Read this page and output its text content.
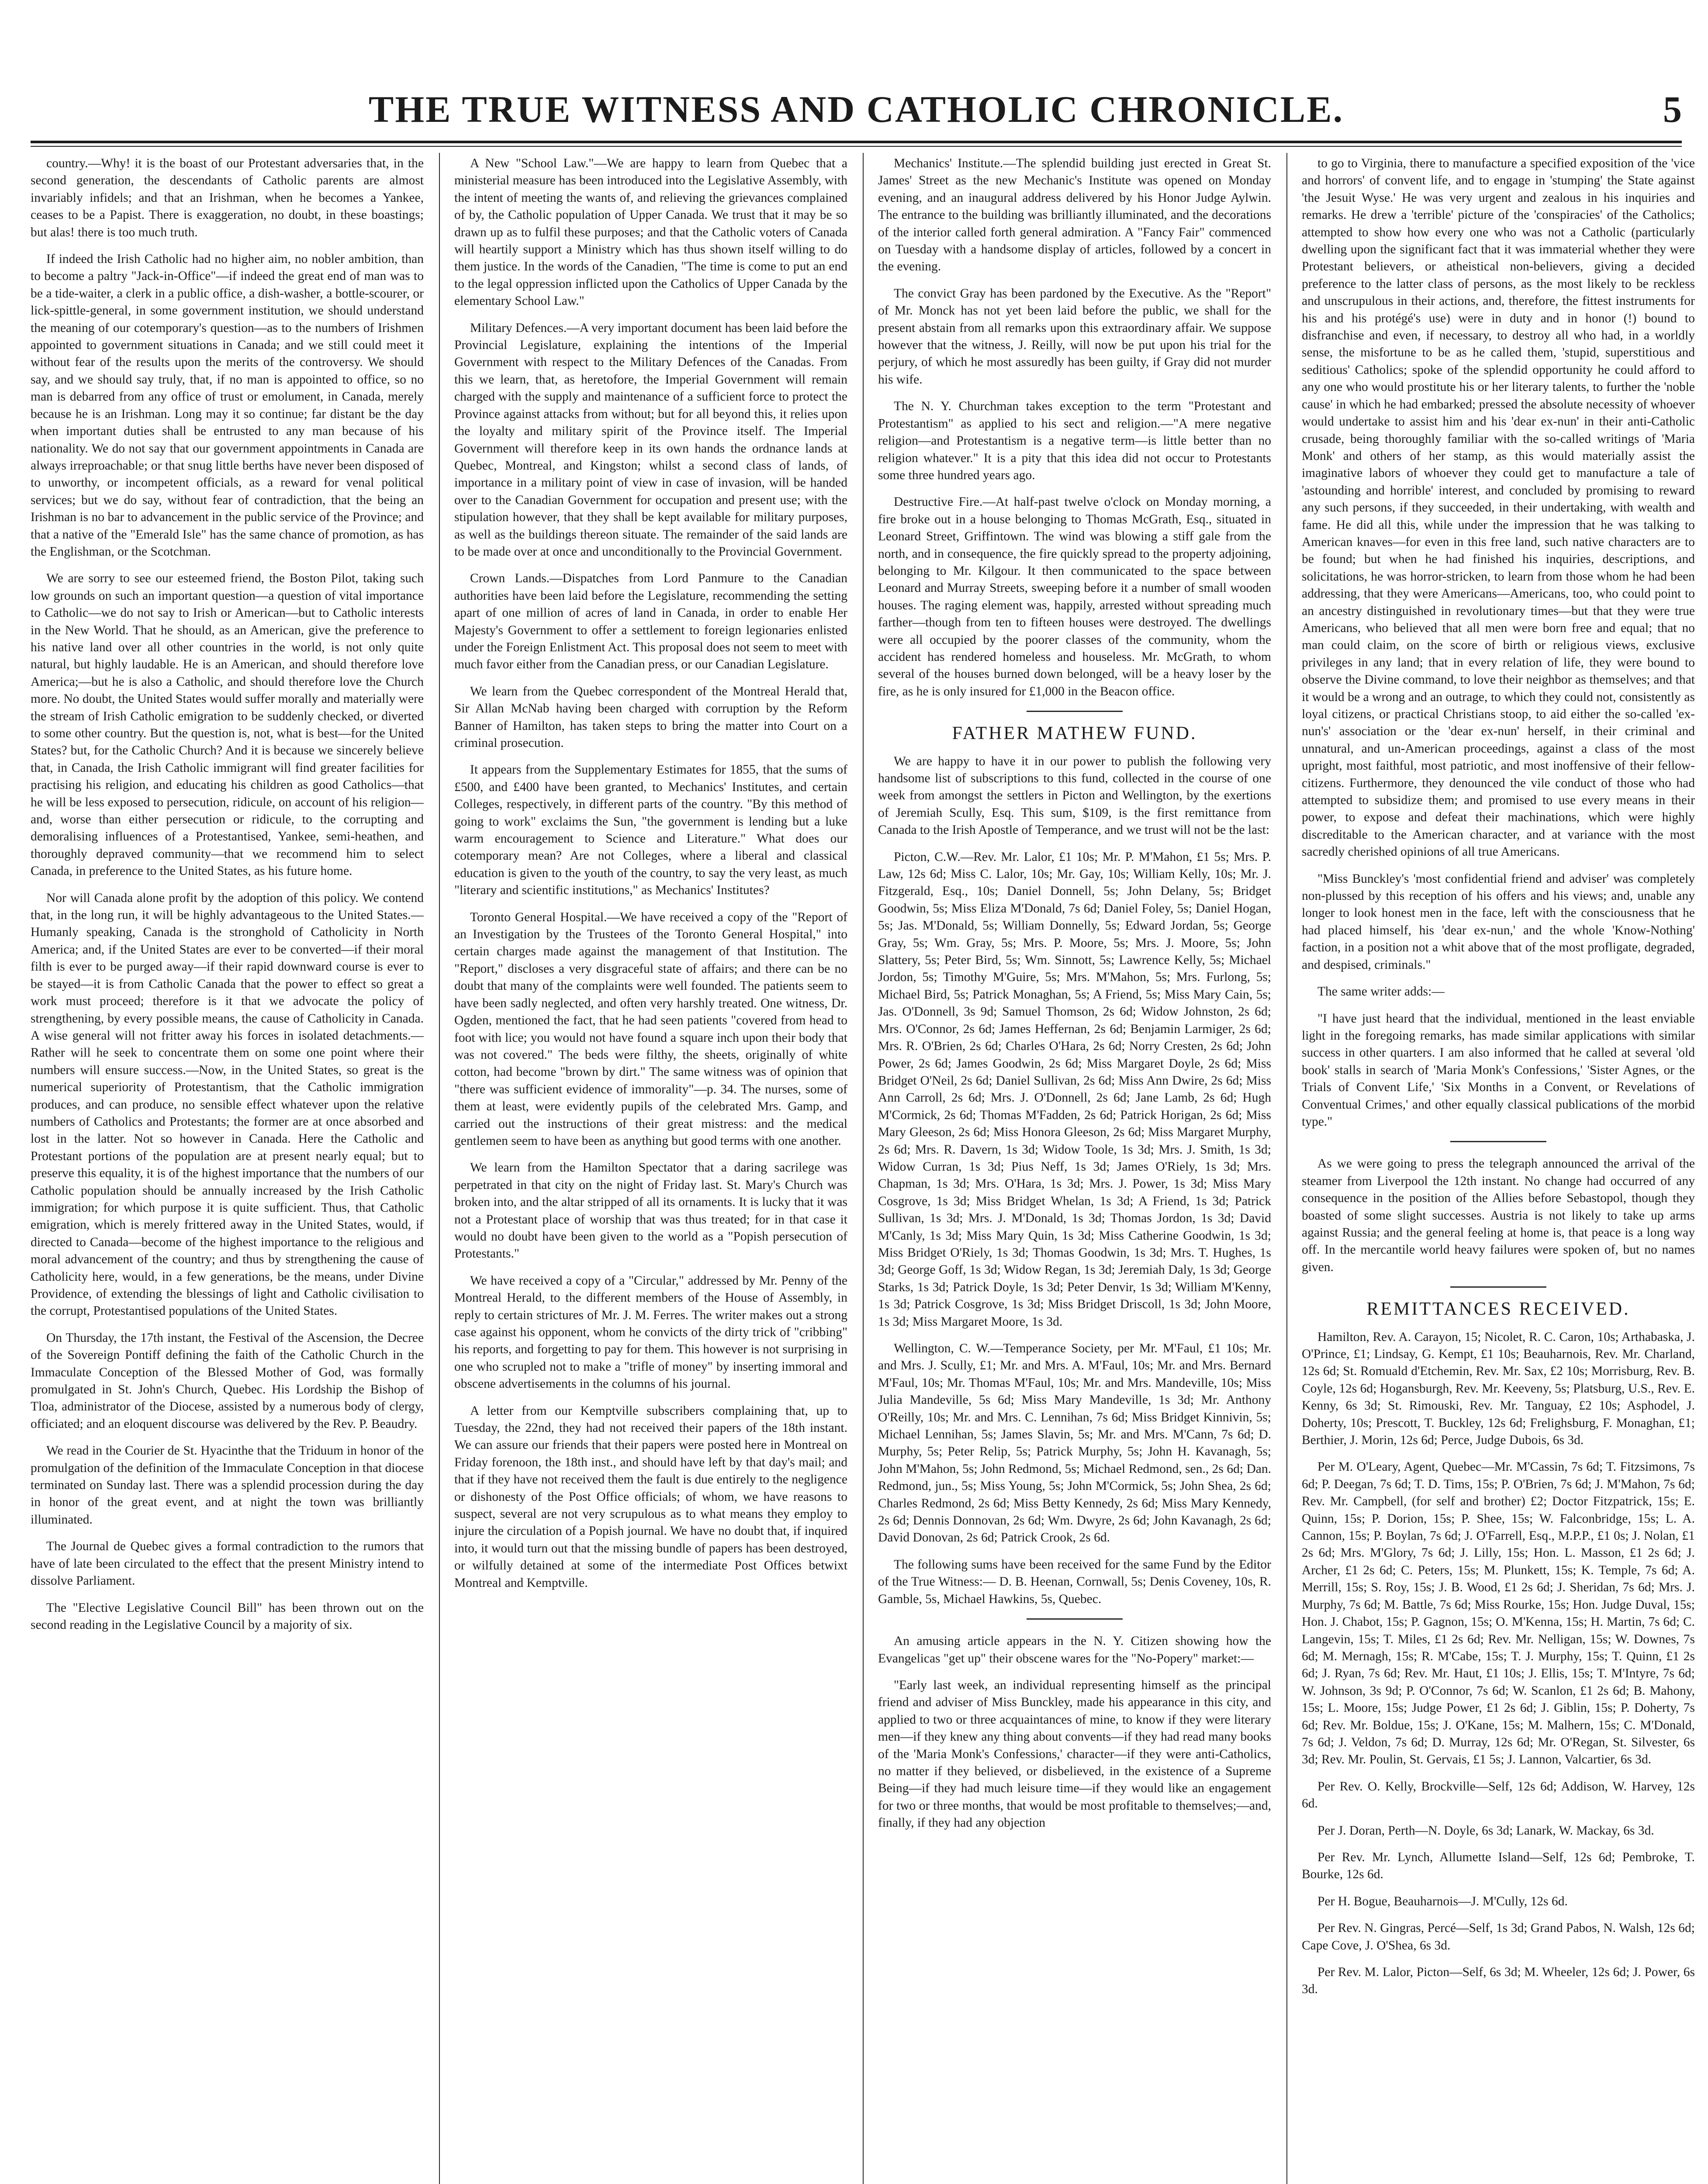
THE TRUE WITNESS AND CATHOLIC CHRONICLE.	5

country.—Why! it is the boast of our Protestant adversaries that, in the second generation, the descendants of Catholic parents are almost invariably infidels; and that an Irishman, when he becomes a Yankee, ceases to be a Papist. There is exaggeration, no doubt, in these boastings; but alas! there is too much truth.

If indeed the Irish Catholic had no higher aim, no nobler ambition, than to become a paltry "Jack-in-Office"—if indeed the great end of man was to be a tide-waiter, a clerk in a public office, a dish-washer, a bottle-scourer, or lick-spittle-general, in some government institution, we should understand the meaning of our cotemporary's question—as to the numbers of Irishmen appointed to government situations in Canada; and we still could meet it without fear of the results upon the merits of the controversy. We should say, and we should say truly, that, if no man is appointed to office, so no man is debarred from any office of trust or emolument, in Canada, merely because he is an Irishman. Long may it so continue; far distant be the day when important duties shall be entrusted to any man because of his nationality. We do not say that our government appointments in Canada are always irreproachable; or that snug little berths have never been disposed of to unworthy, or incompetent officials, as a reward for venal political services; but we do say, without fear of contradiction, that the being an Irishman is no bar to advancement in the public service of the Province; and that a native of the "Emerald Isle" has the same chance of promotion, as has the Englishman, or the Scotchman.

We are sorry to see our esteemed friend, the Boston Pilot, taking such low grounds on such an important question—a question of vital importance to Catholic—we do not say to Irish or American—but to Catholic interests in the New World. That he should, as an American, give the preference to his native land over all other countries in the world, is not only quite natural, but highly laudable. He is an American, and should therefore love America;—but he is also a Catholic, and should therefore love the Church more. No doubt, the United States would suffer morally and materially were the stream of Irish Catholic emigration to be suddenly checked, or diverted to some other country. But the question is, not, what is best—for the United States? but, for the Catholic Church? And it is because we sincerely believe that, in Canada, the Irish Catholic immigrant will find greater facilities for practising his religion, and educating his children as good Catholics—that he will be less exposed to persecution, ridicule, on account of his religion—and, worse than either persecution or ridicule, to the corrupting and demoralising influences of a Protestantised, Yankee, semi-heathen, and thoroughly depraved community—that we recommend him to select Canada, in preference to the United States, as his future home.

Nor will Canada alone profit by the adoption of this policy. We contend that, in the long run, it will be highly advantageous to the United States.—Humanly speaking, Canada is the stronghold of Catholicity in North America; and, if the United States are ever to be converted—if their moral filth is ever to be purged away—if their rapid downward course is ever to be stayed—it is from Catholic Canada that the power to effect so great a work must proceed; therefore is it that we advocate the policy of strengthening, by every possible means, the cause of Catholicity in Canada. A wise general will not fritter away his forces in isolated detachments.—Rather will he seek to concentrate them on some one point where their numbers will ensure success.—Now, in the United States, so great is the numerical superiority of Protestantism, that the Catholic immigration produces, and can produce, no sensible effect whatever upon the relative numbers of Catholics and Protestants; the former are at once absorbed and lost in the latter. Not so however in Canada. Here the Catholic and Protestant portions of the population are at present nearly equal; but to preserve this equality, it is of the highest importance that the numbers of our Catholic population should be annually increased by the Irish Catholic immigration; for which purpose it is quite sufficient. Thus, that Catholic emigration, which is merely frittered away in the United States, would, if directed to Canada—become of the highest importance to the religious and moral advancement of the country; and thus by strengthening the cause of Catholicity here, would, in a few generations, be the means, under Divine Providence, of extending the blessings of light and Catholic civilisation to the corrupt, Protestantised populations of the United States.

On Thursday, the 17th instant, the Festival of the Ascension, the Decree of the Sovereign Pontiff defining the faith of the Catholic Church in the Immaculate Conception of the Blessed Mother of God, was formally promulgated in St. John's Church, Quebec. His Lordship the Bishop of Tloa, administrator of the Diocese, assisted by a numerous body of clergy, officiated; and an eloquent discourse was delivered by the Rev. P. Beaudry.

We read in the Courier de St. Hyacinthe that the Triduum in honor of the promulgation of the definition of the Immaculate Conception in that diocese terminated on Sunday last. There was a splendid procession during the day in honor of the great event, and at night the town was brilliantly illuminated.

The Journal de Quebec gives a formal contradiction to the rumors that have of late been circulated to the effect that the present Ministry intend to dissolve Parliament.

The "Elective Legislative Council Bill" has been thrown out on the second reading in the Legislative Council by a majority of six.

A New "School Law."—We are happy to learn from Quebec that a ministerial measure has been introduced into the Legislative Assembly, with the intent of meeting the wants of, and relieving the grievances complained of by, the Catholic population of Upper Canada. We trust that it may be so drawn up as to fulfil these purposes; and that the Catholic voters of Canada will heartily support a Ministry which has thus shown itself willing to do them justice. In the words of the Canadien, "The time is come to put an end to the legal oppression inflicted upon the Catholics of Upper Canada by the elementary School Law."

Military Defences.—A very important document has been laid before the Provincial Legislature, explaining the intentions of the Imperial Government with respect to the Military Defences of the Canadas. From this we learn, that, as heretofore, the Imperial Government will remain charged with the supply and maintenance of a sufficient force to protect the Province against attacks from without; but for all beyond this, it relies upon the loyalty and military spirit of the Province itself. The Imperial Government will therefore keep in its own hands the ordnance lands at Quebec, Montreal, and Kingston; whilst a second class of lands, of importance in a military point of view in case of invasion, will be handed over to the Canadian Government for occupation and present use; with the stipulation however, that they shall be kept available for military purposes, as well as the buildings thereon situate. The remainder of the said lands are to be made over at once and unconditionally to the Provincial Government.

Crown Lands.—Dispatches from Lord Panmure to the Canadian authorities have been laid before the Legislature, recommending the setting apart of one million of acres of land in Canada, in order to enable Her Majesty's Government to offer a settlement to foreign legionaries enlisted under the Foreign Enlistment Act. This proposal does not seem to meet with much favor either from the Canadian press, or our Canadian Legislature.

We learn from the Quebec correspondent of the Montreal Herald that, Sir Allan McNab having been charged with corruption by the Reform Banner of Hamilton, has taken steps to bring the matter into Court on a criminal prosecution.

It appears from the Supplementary Estimates for 1855, that the sums of £500, and £400 have been granted, to Mechanics' Institutes, and certain Colleges, respectively, in different parts of the country. "By this method of going to work" exclaims the Sun, "the government is lending but a luke warm encouragement to Science and Literature." What does our cotemporary mean? Are not Colleges, where a liberal and classical education is given to the youth of the country, to say the very least, as much "literary and scientific institutions," as Mechanics' Institutes?

Toronto General Hospital.—We have received a copy of the "Report of an Investigation by the Trustees of the Toronto General Hospital," into certain charges made against the management of that Institution. The "Report," discloses a very disgraceful state of affairs; and there can be no doubt that many of the complaints were well founded. The patients seem to have been sadly neglected, and often very harshly treated. One witness, Dr. Ogden, mentioned the fact, that he had seen patients "covered from head to foot with lice; you would not have found a square inch upon their body that was not covered." The beds were filthy, the sheets, originally of white cotton, had become "brown by dirt." The same witness was of opinion that "there was sufficient evidence of immorality"—p. 34. The nurses, some of them at least, were evidently pupils of the celebrated Mrs. Gamp, and carried out the instructions of their great mistress: and the medical gentlemen seem to have been as anything but good terms with one another.

We learn from the Hamilton Spectator that a daring sacrilege was perpetrated in that city on the night of Friday last. St. Mary's Church was broken into, and the altar stripped of all its ornaments. It is lucky that it was not a Protestant place of worship that was thus treated; for in that case it would no doubt have been given to the world as a "Popish persecution of Protestants."

We have received a copy of a "Circular," addressed by Mr. Penny of the Montreal Herald, to the different members of the House of Assembly, in reply to certain strictures of Mr. J. M. Ferres. The writer makes out a strong case against his opponent, whom he convicts of the dirty trick of "cribbing" his reports, and forgetting to pay for them. This however is not surprising in one who scrupled not to make a "trifle of money" by inserting immoral and obscene advertisements in the columns of his journal.

A letter from our Kemptville subscribers complaining that, up to Tuesday, the 22nd, they had not received their papers of the 18th instant. We can assure our friends that their papers were posted here in Montreal on Friday forenoon, the 18th inst., and should have left by that day's mail; and that if they have not received them the fault is due entirely to the negligence or dishonesty of the Post Office officials; of whom, we have reasons to suspect, several are not very scrupulous as to what means they employ to injure the circulation of a Popish journal. We have no doubt that, if inquired into, it would turn out that the missing bundle of papers has been destroyed, or wilfully detained at some of the intermediate Post Offices betwixt Montreal and Kemptville.

Mechanics' Institute.—The splendid building just erected in Great St. James' Street as the new Mechanic's Institute was opened on Monday evening, and an inaugural address delivered by his Honor Judge Aylwin. The entrance to the building was brilliantly illuminated, and the decorations of the interior called forth general admiration. A "Fancy Fair" commenced on Tuesday with a handsome display of articles, followed by a concert in the evening.

The convict Gray has been pardoned by the Executive. As the "Report" of Mr. Monck has not yet been laid before the public, we shall for the present abstain from all remarks upon this extraordinary affair. We suppose however that the witness, J. Reilly, will now be put upon his trial for the perjury, of which he most assuredly has been guilty, if Gray did not murder his wife.

The N. Y. Churchman takes exception to the term "Protestant and Protestantism" as applied to his sect and religion.—"A mere negative religion—and Protestantism is a negative term—is little better than no religion whatever." It is a pity that this idea did not occur to Protestants some three hundred years ago.

Destructive Fire.—At half-past twelve o'clock on Monday morning, a fire broke out in a house belonging to Thomas McGrath, Esq., situated in Leonard Street, Griffintown. The wind was blowing a stiff gale from the north, and in consequence, the fire quickly spread to the property adjoining, belonging to Mr. Kilgour. It then communicated to the space between Leonard and Murray Streets, sweeping before it a number of small wooden houses. The raging element was, happily, arrested without spreading much farther—though from ten to fifteen houses were destroyed. The dwellings were all occupied by the poorer classes of the community, whom the accident has rendered homeless and houseless. Mr. McGrath, to whom several of the houses burned down belonged, will be a heavy loser by the fire, as he is only insured for £1,000 in the Beacon office.

FATHER MATHEW FUND.

We are happy to have it in our power to publish the following very handsome list of subscriptions to this fund, collected in the course of one week from amongst the settlers in Picton and Wellington, by the exertions of Jeremiah Scully, Esq. This sum, $109, is the first remittance from Canada to the Irish Apostle of Temperance, and we trust will not be the last:

Picton, C.W.—Rev. Mr. Lalor, £1 10s; Mr. P. M'Mahon, £1 5s; Mrs. P. Law, 12s 6d; Miss C. Lalor, 10s; Mr. Gay, 10s; William Kelly, 10s; Mr. J. Fitzgerald, Esq., 10s; Daniel Donnell, 5s; John Delany, 5s; Bridget Goodwin, 5s; Miss Eliza M'Donald, 7s 6d; Daniel Foley, 5s; Daniel Hogan, 5s; Jas. M'Donald, 5s; William Donnelly, 5s; Edward Jordan, 5s; George Gray, 5s; Wm. Gray, 5s; Mrs. P. Moore, 5s; Mrs. J. Moore, 5s; John Slattery, 5s; Peter Bird, 5s; Wm. Sinnott, 5s; Lawrence Kelly, 5s; Michael Jordon, 5s; Timothy M'Guire, 5s; Mrs. M'Mahon, 5s; Mrs. Furlong, 5s; Michael Bird, 5s; Patrick Monaghan, 5s; A Friend, 5s; Miss Mary Cain, 5s; Jas. O'Donnell, 3s 9d; Samuel Thomson, 2s 6d; Widow Johnston, 2s 6d; Mrs. O'Connor, 2s 6d; James Heffernan, 2s 6d; Benjamin Larmiger, 2s 6d; Mrs. R. O'Brien, 2s 6d; Charles O'Hara, 2s 6d; Norry Cresten, 2s 6d; John Power, 2s 6d; James Goodwin, 2s 6d; Miss Margaret Doyle, 2s 6d; Miss Bridget O'Neil, 2s 6d; Daniel Sullivan, 2s 6d; Miss Ann Dwire, 2s 6d; Miss Ann Carroll, 2s 6d; Mrs. J. O'Donnell, 2s 6d; Jane Lamb, 2s 6d; Hugh M'Cormick, 2s 6d; Thomas M'Fadden, 2s 6d; Patrick Horigan, 2s 6d; Miss Mary Gleeson, 2s 6d; Miss Honora Gleeson, 2s 6d; Miss Margaret Murphy, 2s 6d; Mrs. R. Davern, 1s 3d; Widow Toole, 1s 3d; Mrs. J. Smith, 1s 3d; Widow Curran, 1s 3d; Pius Neff, 1s 3d; James O'Riely, 1s 3d; Mrs. Chapman, 1s 3d; Mrs. O'Hara, 1s 3d; Mrs. J. Power, 1s 3d; Miss Mary Cosgrove, 1s 3d; Miss Bridget Whelan, 1s 3d; A Friend, 1s 3d; Patrick Sullivan, 1s 3d; Mrs. J. M'Donald, 1s 3d; Thomas Jordon, 1s 3d; David M'Canly, 1s 3d; Miss Mary Quin, 1s 3d; Miss Catherine Goodwin, 1s 3d; Miss Bridget O'Riely, 1s 3d; Thomas Goodwin, 1s 3d; Mrs. T. Hughes, 1s 3d; George Goff, 1s 3d; Widow Regan, 1s 3d; Jeremiah Daly, 1s 3d; George Starks, 1s 3d; Patrick Doyle, 1s 3d; Peter Denvir, 1s 3d; William M'Kenny, 1s 3d; Patrick Cosgrove, 1s 3d; Miss Bridget Driscoll, 1s 3d; John Moore, 1s 3d; Miss Margaret Moore, 1s 3d.

Wellington, C. W.—Temperance Society, per Mr. M'Faul, £1 10s; Mr. and Mrs. J. Scully, £1; Mr. and Mrs. A. M'Faul, 10s; Mr. and Mrs. Bernard M'Faul, 10s; Mr. Thomas M'Faul, 10s; Mr. and Mrs. Mandeville, 10s; Miss Julia Mandeville, 5s 6d; Miss Mary Mandeville, 1s 3d; Mr. Anthony O'Reilly, 10s; Mr. and Mrs. C. Lennihan, 7s 6d; Miss Bridget Kinnivin, 5s; Michael Lennihan, 5s; James Slavin, 5s; Mr. and Mrs. M'Cann, 7s 6d; D. Murphy, 5s; Peter Relip, 5s; Patrick Murphy, 5s; John H. Kavanagh, 5s; John M'Mahon, 5s; John Redmond, 5s; Michael Redmond, sen., 2s 6d; Dan. Redmond, jun., 5s; Miss Young, 5s; John M'Cormick, 5s; John Shea, 2s 6d; Charles Redmond, 2s 6d; Miss Betty Kennedy, 2s 6d; Miss Mary Kennedy, 2s 6d; Dennis Donnovan, 2s 6d; Wm. Dwyre, 2s 6d; John Kavanagh, 2s 6d; David Donovan, 2s 6d; Patrick Crook, 2s 6d.

The following sums have been received for the same Fund by the Editor of the True Witness:— D. B. Heenan, Cornwall, 5s; Denis Coveney, 10s, R. Gamble, 5s, Michael Hawkins, 5s, Quebec.

An amusing article appears in the N. Y. Citizen showing how the Evangelicas "get up" their obscene wares for the "No-Popery" market:—

"Early last week, an individual representing himself as the principal friend and adviser of Miss Bunckley, made his appearance in this city, and applied to two or three acquaintances of mine, to know if they were literary men—if they knew any thing about convents—if they had read many books of the 'Maria Monk's Confessions,' character—if they were anti-Catholics, no matter if they believed, or disbelieved, in the existence of a Supreme Being—if they had much leisure time—if they would like an engagement for two or three months, that would be most profitable to themselves;—and, finally, if they had any objection

to go to Virginia, there to manufacture a specified exposition of the 'vice and horrors' of convent life, and to engage in 'stumping' the State against 'the Jesuit Wyse.' He was very urgent and zealous in his inquiries and remarks. He drew a 'terrible' picture of the 'conspiracies' of the Catholics; attempted to show how every one who was not a Catholic (particularly dwelling upon the significant fact that it was immaterial whether they were Protestant believers, or atheistical non-believers, giving a decided preference to the latter class of persons, as the most likely to be reckless and unscrupulous in their actions, and, therefore, the fittest instruments for his and his protégé's use) were in duty and in honor (!) bound to disfranchise and even, if necessary, to destroy all who had, in a worldly sense, the misfortune to be as he called them, 'stupid, superstitious and seditious' Catholics; spoke of the splendid opportunity he could afford to any one who would prostitute his or her literary talents, to further the 'noble cause' in which he had embarked; pressed the absolute necessity of whoever would undertake to assist him and his 'dear ex-nun' in their anti-Catholic crusade, being thoroughly familiar with the so-called writings of 'Maria Monk' and others of her stamp, as this would materially assist the imaginative labors of whoever they could get to manufacture a tale of 'astounding and horrible' interest, and concluded by promising to reward any such persons, if they succeeded, in their undertaking, with wealth and fame. He did all this, while under the impression that he was talking to American knaves—for even in this free land, such native characters are to be found; but when he had finished his inquiries, descriptions, and solicitations, he was horror-stricken, to learn from those whom he had been addressing, that they were Americans—Americans, too, who could point to an ancestry distinguished in revolutionary times—but that they were true Americans, who believed that all men were born free and equal; that no man could claim, on the score of birth or religious views, exclusive privileges in any land; that in every relation of life, they were bound to observe the Divine command, to love their neighbor as themselves; and that it would be a wrong and an outrage, to which they could not, consistently as loyal citizens, or practical Christians stoop, to aid either the so-called 'ex-nun's' association or the 'dear ex-nun' herself, in their criminal and unnatural, and un-American proceedings, against a class of the most upright, most faithful, most patriotic, and most inoffensive of their fellow-citizens. Furthermore, they denounced the vile conduct of those who had attempted to subsidize them; and promised to use every means in their power, to expose and defeat their machinations, which were highly discreditable to the American character, and at variance with the most sacredly cherished opinions of all true Americans.

"Miss Bunckley's 'most confidential friend and adviser' was completely non-plussed by this reception of his offers and his views; and, unable any longer to look honest men in the face, left with the consciousness that he had placed himself, his 'dear ex-nun,' and the whole 'Know-Nothing' faction, in a position not a whit above that of the most profligate, degraded, and despised, criminals."

The same writer adds:—

"I have just heard that the individual, mentioned in the least enviable light in the foregoing remarks, has made similar applications with similar success in other quarters. I am also informed that he called at several 'old book' stalls in search of 'Maria Monk's Confessions,' 'Sister Agnes, or the Trials of Convent Life,' 'Six Months in a Convent, or Revelations of Conventual Crimes,' and other equally classical publications of the morbid type."

As we were going to press the telegraph announced the arrival of the steamer from Liverpool the 12th instant. No change had occurred of any consequence in the position of the Allies before Sebastopol, though they boasted of some slight successes. Austria is not likely to take up arms against Russia; and the general feeling at home is, that peace is a long way off. In the mercantile world heavy failures were spoken of, but no names given.

REMITTANCES RECEIVED.

Hamilton, Rev. A. Carayon, 15; Nicolet, R. C. Caron, 10s; Arthabaska, J. O'Prince, £1; Lindsay, G. Kempt, £1 10s; Beauharnois, Rev. Mr. Charland, 12s 6d; St. Romuald d'Etchemin, Rev. Mr. Sax, £2 10s; Morrisburg, Rev. B. Coyle, 12s 6d; Hogansburgh, Rev. Mr. Keeveny, 5s; Platsburg, U.S., Rev. E. Kenny, 6s 3d; St. Rimouski, Rev. Mr. Tanguay, £2 10s; Asphodel, J. Doherty, 10s; Prescott, T. Buckley, 12s 6d; Frelighsburg, F. Monaghan, £1; Berthier, J. Morin, 12s 6d; Perce, Judge Dubois, 6s 3d.

Per M. O'Leary, Agent, Quebec—Mr. M'Cassin, 7s 6d; T. Fitzsimons, 7s 6d; P. Deegan, 7s 6d; T. D. Tims, 15s; P. O'Brien, 7s 6d; J. M'Mahon, 7s 6d; Rev. Mr. Campbell, (for self and brother) £2; Doctor Fitzpatrick, 15s; E. Quinn, 15s; P. Dorion, 15s; P. Shee, 15s; W. Falconbridge, 15s; L. A. Cannon, 15s; P. Boylan, 7s 6d; J. O'Farrell, Esq., M.P.P., £1 0s; J. Nolan, £1 2s 6d; Mrs. M'Glory, 7s 6d; J. Lilly, 15s; Hon. L. Masson, £1 2s 6d; J. Archer, £1 2s 6d; C. Peters, 15s; M. Plunkett, 15s; K. Temple, 7s 6d; A. Merrill, 15s; S. Roy, 15s; J. B. Wood, £1 2s 6d; J. Sheridan, 7s 6d; Mrs. J. Murphy, 7s 6d; M. Battle, 7s 6d; Miss Rourke, 15s; Hon. Judge Duval, 15s; Hon. J. Chabot, 15s; P. Gagnon, 15s; O. M'Kenna, 15s; H. Martin, 7s 6d; C. Langevin, 15s; T. Miles, £1 2s 6d; Rev. Mr. Nelligan, 15s; W. Downes, 7s 6d; M. Mernagh, 15s; R. M'Cabe, 15s; T. J. Murphy, 15s; T. Quinn, £1 2s 6d; J. Ryan, 7s 6d; Rev. Mr. Haut, £1 10s; J. Ellis, 15s; T. M'Intyre, 7s 6d; W. Johnson, 3s 9d; P. O'Connor, 7s 6d; W. Scanlon, £1 2s 6d; B. Mahony, 15s; L. Moore, 15s; Judge Power, £1 2s 6d; J. Giblin, 15s; P. Doherty, 7s 6d; Rev. Mr. Boldue, 15s; J. O'Kane, 15s; M. Malhern, 15s; C. M'Donald, 7s 6d; J. Veldon, 7s 6d; D. Murray, 12s 6d; Mr. O'Regan, St. Silvester, 6s 3d; Rev. Mr. Poulin, St. Gervais, £1 5s; J. Lannon, Valcartier, 6s 3d.

Per Rev. O. Kelly, Brockville—Self, 12s 6d; Addison, W. Harvey, 12s 6d.

Per J. Doran, Perth—N. Doyle, 6s 3d; Lanark, W. Mackay, 6s 3d.

Per Rev. Mr. Lynch, Allumette Island—Self, 12s 6d; Pembroke, T. Bourke, 12s 6d.

Per H. Bogue, Beauharnois—J. M'Cully, 12s 6d.

Per Rev. N. Gingras, Percé—Self, 1s 3d; Grand Pabos, N. Walsh, 12s 6d; Cape Cove, J. O'Shea, 6s 3d.

Per Rev. M. Lalor, Picton—Self, 6s 3d; M. Wheeler, 12s 6d; J. Power, 6s 3d.
